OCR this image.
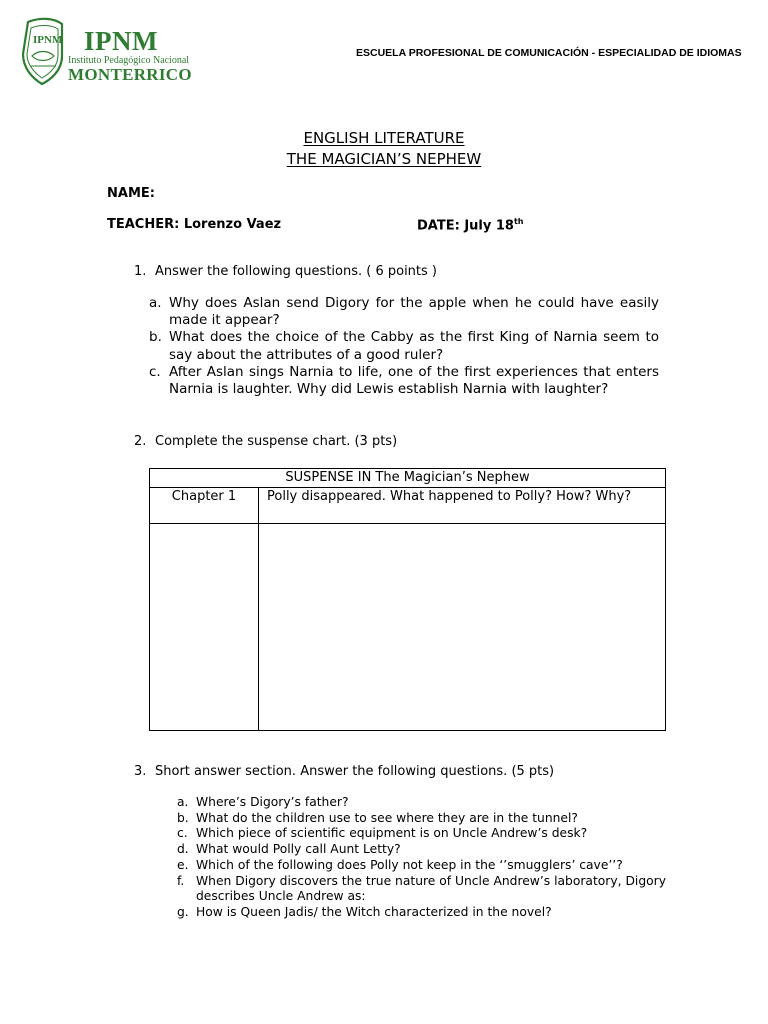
IPNM IPNM
Instituto Pedagógico Nacional
MONTERRICO
ESCUELA PROFESIONAL DE COMUNICACIÓN - ESPECIALIDAD DE IDIOMAS
ENGLISH LITERATURE
THE MAGICIAN’S NEPHEW
NAME:
TEACHER: Lorenzo Vaez	DATE: July 18th
1. Answer the following questions. ( 6 points )
a. Why does Aslan send Digory for the apple when he could have easily made it appear?
b. What does the choice of the Cabby as the first King of Narnia seem to say about the attributes of a good ruler?
c. After Aslan sings Narnia to life, one of the first experiences that enters Narnia is laughter. Why did Lewis establish Narnia with laughter?
2. Complete the suspense chart. (3 pts)
SUSPENSE IN The Magician’s Nephew	
Chapter 1	Polly disappeared. What happened to Polly? How? Why?

3. Short answer section. Answer the following questions. (5 pts)
a. Where’s Digory’s father?
b. What do the children use to see where they are in the tunnel?
c. Which piece of scientific equipment is on Uncle Andrew’s desk?
d. What would Polly call Aunt Letty?
e. Which of the following does Polly not keep in the ‘’smugglers’ cave’’?
f. When Digory discovers the true nature of Uncle Andrew’s laboratory, Digory describes Uncle Andrew as:
g. How is Queen Jadis/ the Witch characterized in the novel?
